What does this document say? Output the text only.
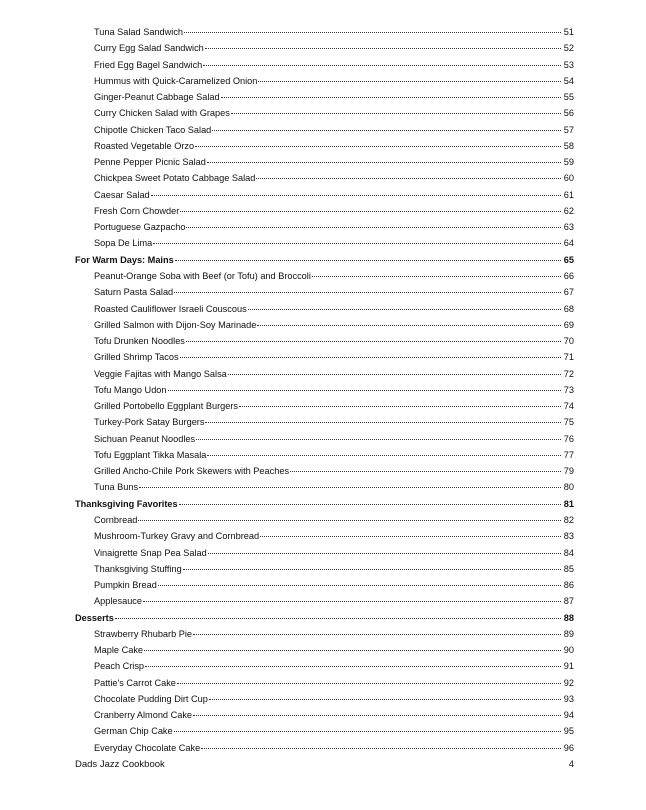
Tuna Salad Sandwich	51
Curry Egg Salad Sandwich	52
Fried Egg Bagel Sandwich	53
Hummus with Quick-Caramelized Onion	54
Ginger-Peanut Cabbage Salad	55
Curry Chicken Salad with Grapes	56
Chipotle Chicken Taco Salad	57
Roasted Vegetable Orzo	58
Penne Pepper Picnic Salad	59
Chickpea Sweet Potato Cabbage Salad	60
Caesar Salad	61
Fresh Corn Chowder	62
Portuguese Gazpacho	63
Sopa De Lima	64
For Warm Days: Mains	65
Peanut-Orange Soba with Beef (or Tofu) and Broccoli	66
Saturn Pasta Salad	67
Roasted Cauliflower Israeli Couscous	68
Grilled Salmon with Dijon-Soy Marinade	69
Tofu Drunken Noodles	70
Grilled Shrimp Tacos	71
Veggie Fajitas with Mango Salsa	72
Tofu Mango Udon	73
Grilled Portobello Eggplant Burgers	74
Turkey-Pork Satay Burgers	75
Sichuan Peanut Noodles	76
Tofu Eggplant Tikka Masala	77
Grilled Ancho-Chile Pork Skewers with Peaches	79
Tuna Buns	80
Thanksgiving Favorites	81
Cornbread	82
Mushroom-Turkey Gravy and Cornbread	83
Vinaigrette Snap Pea Salad	84
Thanksgiving Stuffing	85
Pumpkin Bread	86
Applesauce	87
Desserts	88
Strawberry Rhubarb Pie	89
Maple Cake	90
Peach Crisp	91
Pattie's Carrot Cake	92
Chocolate Pudding Dirt Cup	93
Cranberry Almond Cake	94
German Chip Cake	95
Everyday Chocolate Cake	96
Dads Jazz Cookbook	4
